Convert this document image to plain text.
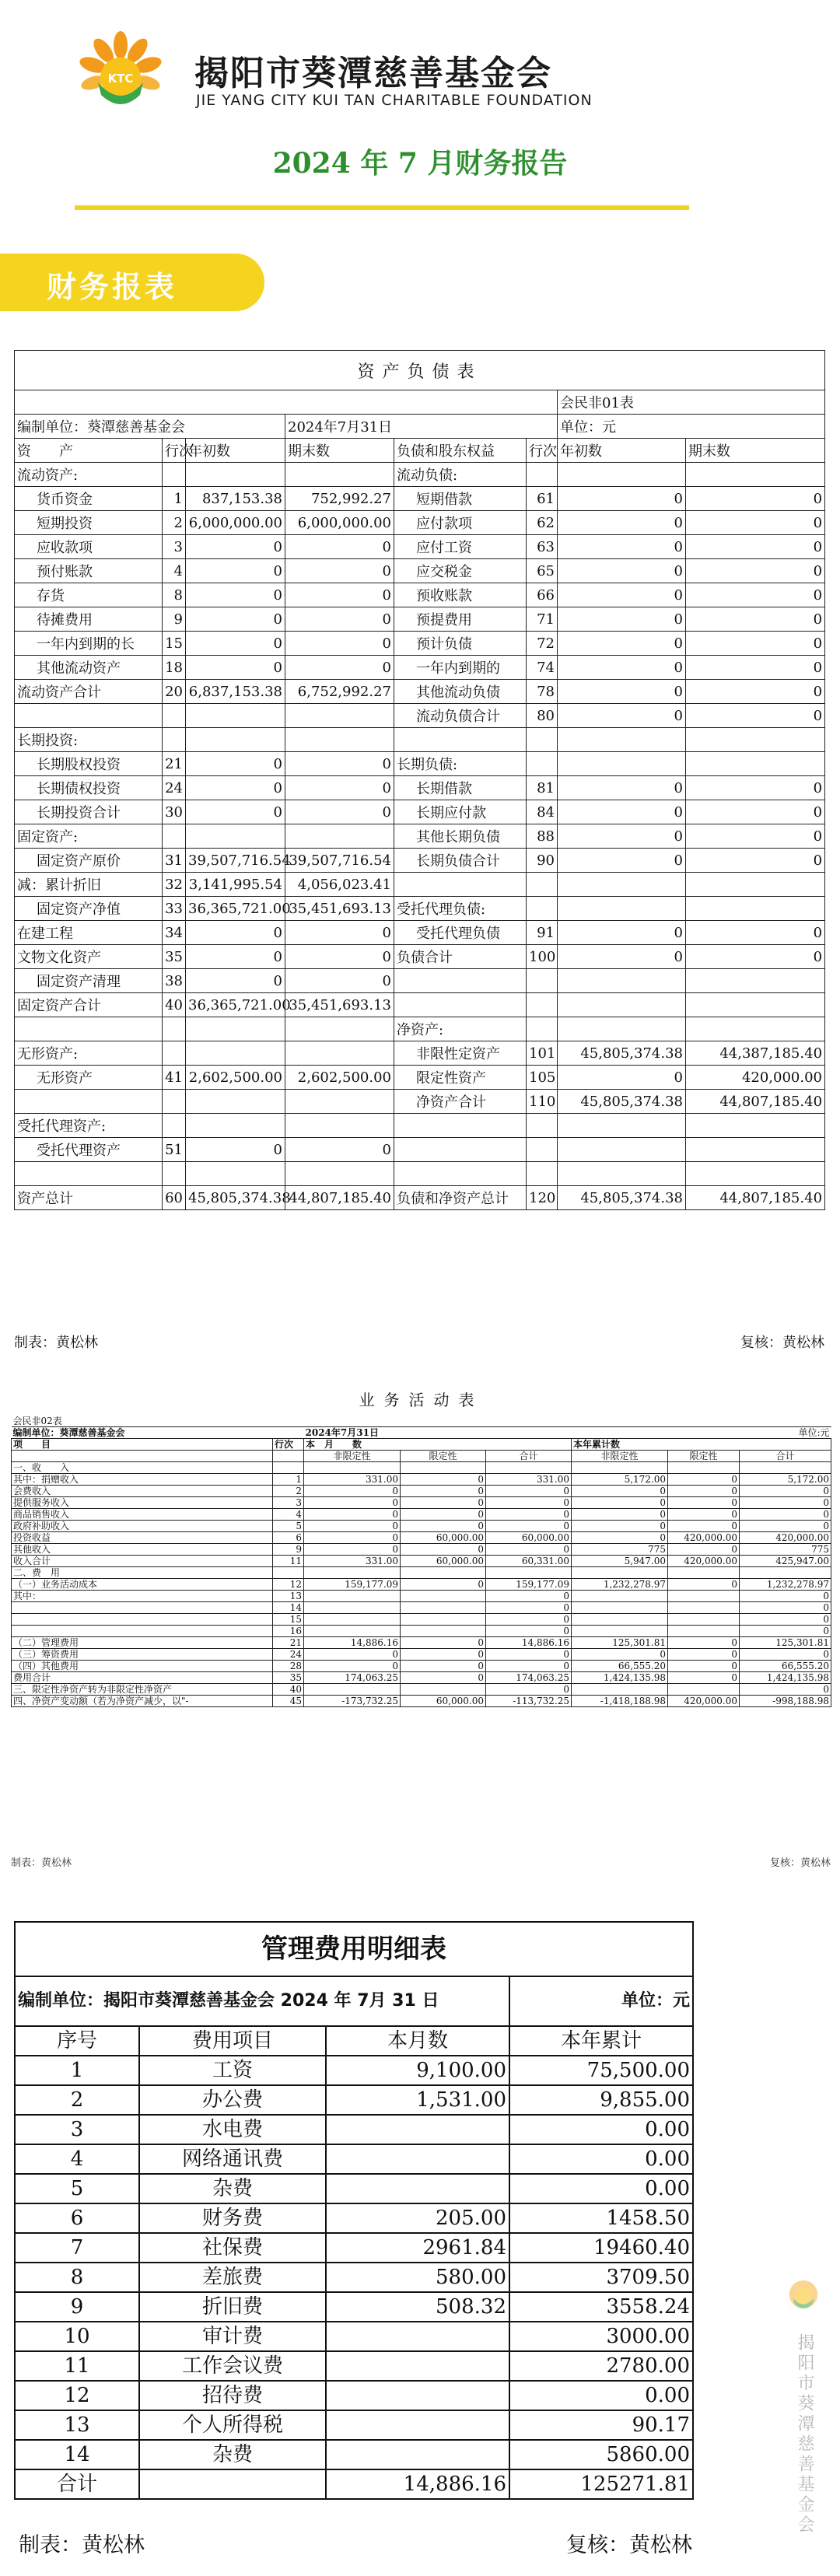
KTC 揭阳市葵潭慈善基金会
JIE YANG CITY KUI TAN CHARITABLE FOUNDATION
2024 年 7 月财务报告
财务报表
资产负债表							
						会民非01表	
编制单位：葵潭慈善基金会			2024年7月31日			单位：元	
资　　产	行次	年初数	期末数	负债和股东权益	行次	年初数	期末数
流动资产:				流动负债:			
货币资金	1	837,153.38	752,992.27	短期借款	61	0	0
短期投资	2	6,000,000.00	6,000,000.00	应付款项	62	0	0
应收款项	3	0	0	应付工资	63	0	0
预付账款	4	0	0	应交税金	65	0	0
存货	8	0	0	预收账款	66	0	0
待摊费用	9	0	0	预提费用	71	0	0
一年内到期的长	15	0	0	预计负债	72	0	0
其他流动资产	18	0	0	一年内到期的	74	0	0
流动资产合计	20	6,837,153.38	6,752,992.27	其他流动负债	78	0	0
				流动负债合计	80	0	0
长期投资:							
长期股权投资	21	0	0	长期负债:			
长期债权投资	24	0	0	长期借款	81	0	0
长期投资合计	30	0	0	长期应付款	84	0	0
固定资产:				其他长期负债	88	0	0
固定资产原价	31	39,507,716.54	39,507,716.54	长期负债合计	90	0	0
减：累计折旧	32	3,141,995.54	4,056,023.41				
固定资产净值	33	36,365,721.00	35,451,693.13	受托代理负债:			
在建工程	34	0	0	受托代理负债	91	0	0
文物文化资产	35	0	0	负债合计	100	0	0
固定资产清理	38	0	0				
固定资产合计	40	36,365,721.00	35,451,693.13				
				净资产:			
无形资产:				非限性定资产	101	45,805,374.38	44,387,185.40
无形资产	41	2,602,500.00	2,602,500.00	限定性资产	105	0	420,000.00
				净资产合计	110	45,805,374.38	44,807,185.40
受托代理资产:							
受托代理资产	51	0	0				

资产总计	60	45,805,374.38	44,807,185.40	负债和净资产总计	120	45,805,374.38	44,807,185.40
制表：黄松林	复核：黄松林
业务活动表							
会民非02表							
编制单位：葵潭慈善基金会		2024年7月31日		单位:元			
项　　目	行次	本　月　　数			本年累计数		
		非限定性	限定性	合计	非限定性	限定性	合计
一、收　　入							
其中：捐赠收入	1	331.00	0	331.00	5,172.00	0	5,172.00
会费收入	2	0	0	0	0	0	0
提供服务收入	3	0	0	0	0	0	0
商品销售收入	4	0	0	0	0	0	0
政府补助收入	5	0	0	0	0	0	0
投资收益	6	0	60,000.00	60,000.00	0	420,000.00	420,000.00
其他收入	9	0	0	0	775	0	775
收入合计	11	331.00	60,000.00	60,331.00	5,947.00	420,000.00	425,947.00
二、费　用							
（一）业务活动成本	12	159,177.09	0	159,177.09	1,232,278.97	0	1,232,278.97
其中：	13			0			0
	14			0			0
	15			0			0
	16			0			0
（二）管理费用	21	14,886.16	0	14,886.16	125,301.81	0	125,301.81
（三）筹资费用	24	0	0	0	0	0	0
（四）其他费用	28	0	0	0	66,555.20	0	66,555.20
费用合计	35	174,063.25	0	174,063.25	1,424,135.98	0	1,424,135.98
三、限定性净资产转为非限定性净资产	40			0			0
四、净资产变动额（若为净资产减少，以"-	45	-173,732.25	60,000.00	-113,732.25	-1,418,188.98	420,000.00	-998,188.98
制表：黄松林	复核：黄松林
管理费用明细表			
编制单位：揭阳市葵潭慈善基金会 2024 年 7月 31 日			单位：元
序号	费用项目	本月数	本年累计
1	工资	9,100.00	75,500.00
2	办公费	1,531.00	9,855.00
3	水电费		0.00
4	网络通讯费		0.00
5	杂费		0.00
6	财务费	205.00	1458.50
7	社保费	2961.84	19460.40
8	差旅费	580.00	3709.50
9	折旧费	508.32	3558.24
10	审计费		3000.00
11	工作会议费		2780.00
12	招待费		0.00
13	个人所得税		90.17
14	杂费		5860.00
合计		14,886.16	125271.81
制表：黄松林	复核：黄松林
揭阳市葵潭慈善基金会
